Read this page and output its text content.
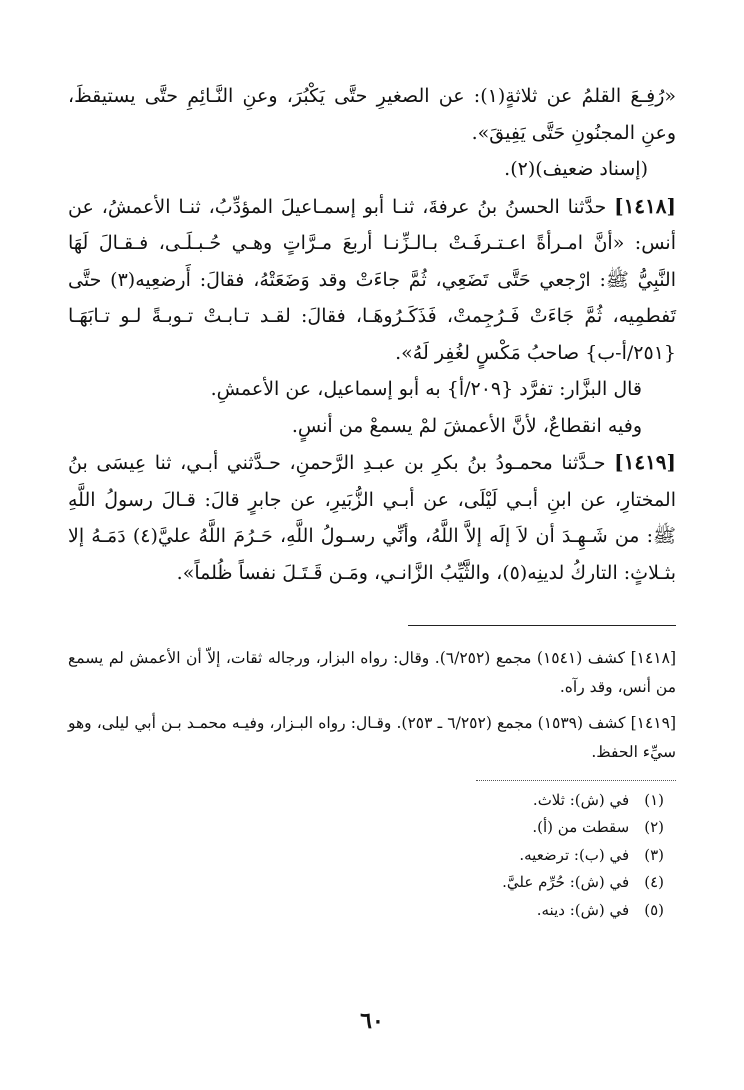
«رُفِـعَ القلمُ عن ثلاثةٍ(١): عن الصغيرِ حتَّى يَكْبُرَ، وعنِ النَّـائِمِ حتَّى يستيقظَ، وعنِ المجنُونِ حَتَّى يَفِيقَ».

(إسناد ضعيف)(٢).

[١٤١٨] حدَّثنا الحسنُ بنُ عرفةَ، ثنـا أبو إسمـاعيلَ المؤدِّبُ، ثنـا الأعمشُ، عن أنس: «أنَّ امـرأةً اعـتـرفَـتْ بـالـزِّنـا أربعَ مـرَّاتٍ وهـي حُـبـلَـى، فـقـالَ لَهَا النَّبِيُّ ﷺ: ارْجعي حَتَّى تَضَعِي، ثُمَّ جاءَتْ وقد وَضَعَتْهُ، فقالَ: أَرضعِيه(٣) حتَّى تَفطمِيه، ثُمَّ جَاءَتْ فَـرُجِمتْ، فَذَكَـرُوهَـا، فقالَ: لقـد تـابـتْ تـوبـةً لـو تـابَهَـا {٢٥١/أ-ب} صاحبُ مَكْسٍ لغُفِر لَهُ».

قال البزَّار: تفرَّد {٢٠٩/أ} به أبو إسماعيل، عن الأعمشِ.

وفيه انقطاعٌ، لأنَّ الأعمشَ لمْ يسمعْ من أنسٍ.

[١٤١٩] حـدَّثنا محمـودُ بنُ بكرِ بن عبـدِ الرَّحمنِ، حـدَّثني أبـي، ثنا عِيسَى بنُ المختارِ، عن ابنِ أبـي لَيْلَى، عن أبـي الزُّبَيرِ، عن جابرٍ قالَ: قـالَ رسولُ اللَّهِ ﷺ: من شَـهِـدَ أن لاَ إلَه إلاَّ اللَّهُ، وأنِّي رسـولُ اللَّهِ، حَـرُمَ اللَّهُ عليَّ(٤) دَمَـهُ إلا بثـلاثٍ: التاركُ لدينِه(٥)، والثَّيِّبُ الزَّانـي، ومَـن قَـتَـلَ نفساً ظُلماً».

[١٤١٨] كشف (١٥٤١) مجمع (٦/٢٥٢). وقال: رواه البزار، ورجاله ثقات، إلاّ أن الأعمش لم يسمع من أنس، وقد رآه.

[١٤١٩] كشف (١٥٣٩) مجمع (٦/٢٥٢ ـ ٢٥٣). وقـال: رواه البـزار، وفيـه محمـد بـن أبي ليلى، وهو سيِّء الحفظ.

(١) في (ش): ثلاث.
(٢) سقطت من (أ).
(٣) في (ب): ترضعيه.
(٤) في (ش): حُرِّم عليَّ.
(٥) في (ش): دينه.
٦٠
